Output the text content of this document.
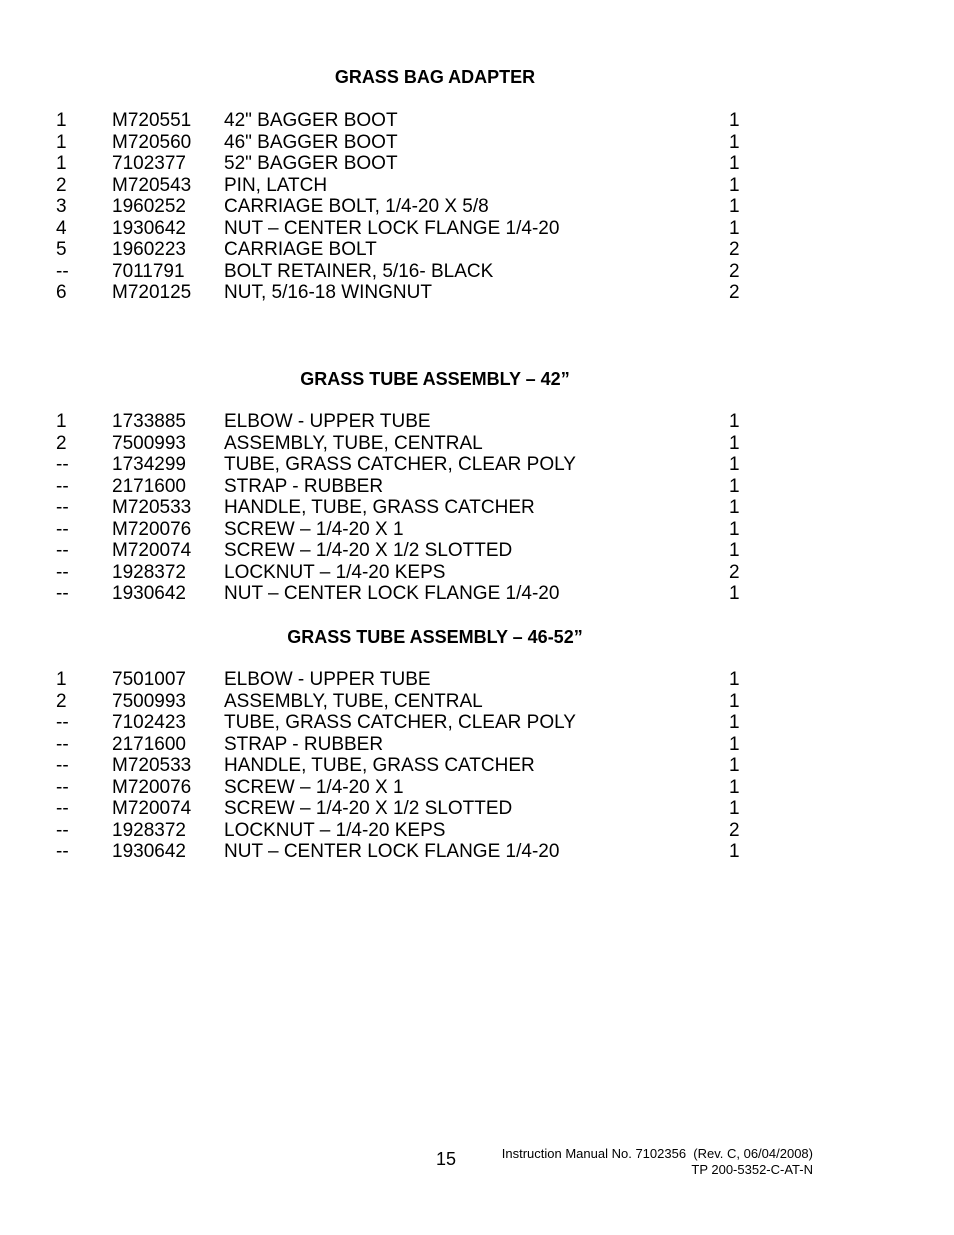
GRASS BAG ADAPTER
1 M720551 42" BAGGER BOOT	1
1 M720560 46" BAGGER BOOT	1
1 7102377 52" BAGGER BOOT	1
2 M720543 PIN, LATCH	1
3 1960252 CARRIAGE BOLT, 1/4-20 X 5/8	1
4 1930642 NUT – CENTER LOCK FLANGE 1/4-20	1
5 1960223 CARRIAGE BOLT	2
-- 7011791 BOLT RETAINER, 5/16- BLACK	2
6 M720125 NUT, 5/16-18 WINGNUT	2
GRASS TUBE ASSEMBLY – 42”
1 1733885 ELBOW - UPPER TUBE	1
2 7500993 ASSEMBLY, TUBE, CENTRAL	1
-- 1734299 TUBE, GRASS CATCHER, CLEAR POLY	1
-- 2171600 STRAP - RUBBER	1
-- M720533 HANDLE, TUBE, GRASS CATCHER	1
-- M720076 SCREW – 1/4-20 X 1	1
-- M720074 SCREW – 1/4-20 X 1/2 SLOTTED	1
-- 1928372 LOCKNUT – 1/4-20 KEPS	2
-- 1930642 NUT – CENTER LOCK FLANGE 1/4-20	1
GRASS TUBE ASSEMBLY – 46-52”
1 7501007 ELBOW - UPPER TUBE	1
2 7500993 ASSEMBLY, TUBE, CENTRAL	1
-- 7102423 TUBE, GRASS CATCHER, CLEAR POLY	1
-- 2171600 STRAP - RUBBER	1
-- M720533 HANDLE, TUBE, GRASS CATCHER	1
-- M720076 SCREW – 1/4-20 X 1	1
-- M720074 SCREW – 1/4-20 X 1/2 SLOTTED	1
-- 1928372 LOCKNUT – 1/4-20 KEPS	2
-- 1930642 NUT – CENTER LOCK FLANGE 1/4-20	1
15	Instruction Manual No. 7102356  (Rev. C, 06/04/2008)
TP 200-5352-C-AT-N
